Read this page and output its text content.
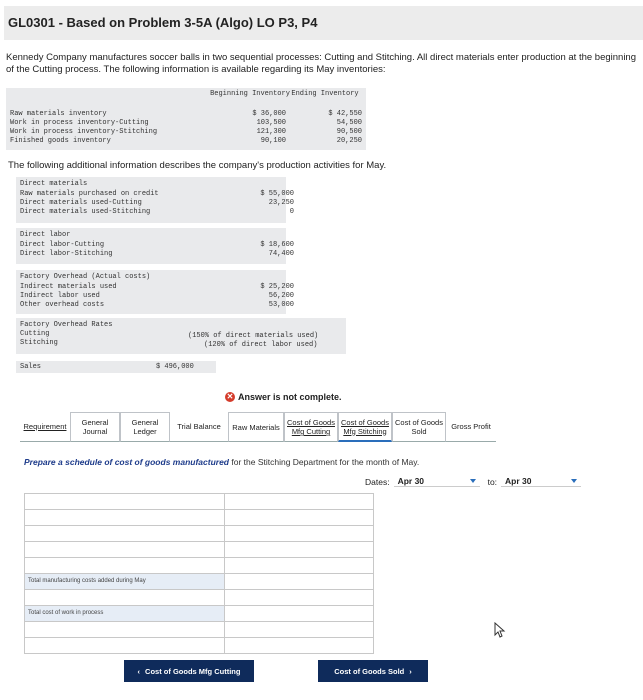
GL0301 - Based on Problem 3-5A (Algo) LO P3, P4
Kennedy Company manufactures soccer balls in two sequential processes: Cutting and Stitching. All direct materials enter production at the beginning of the Cutting process. The following information is available regarding its May inventories:
Beginning Inventory Ending Inventory
Raw materials inventory	$ 36,000	$ 42,550
Work in process inventory-Cutting	103,500	54,500
Work in process inventory-Stitching	121,300	90,500
Finished goods inventory	90,100	20,250
The following additional information describes the company's production activities for May.
Direct materials
Raw materials purchased on credit	$ 55,000
Direct materials used-Cutting	23,250
Direct materials used-Stitching	0
Direct labor
Direct labor-Cutting	$ 18,600
Direct labor-Stitching	74,400
Factory Overhead (Actual costs)
Indirect materials used	$ 25,200
Indirect labor used	56,200
Other overhead costs	53,000
Factory Overhead Rates
Cutting	(150% of direct materials used)
Stitching	(120% of direct labor used)
Sales	$ 496,000
✕ Answer is not complete.
Requirement	General Journal
General Ledger
Trial Balance Raw Materials Cost of Goods Mfg Cutting
Cost of Goods Mfg Stitching
Cost of Goods Sold
Gross Profit
Prepare a schedule of cost of goods manufactured for the Stitching Department for the month of May.
Dates: Apr 30	to: Apr 30
Total manufacturing costs added during May
Total cost of work in process
‹ Cost of Goods Mfg Cutting	Cost of Goods Sold ›
